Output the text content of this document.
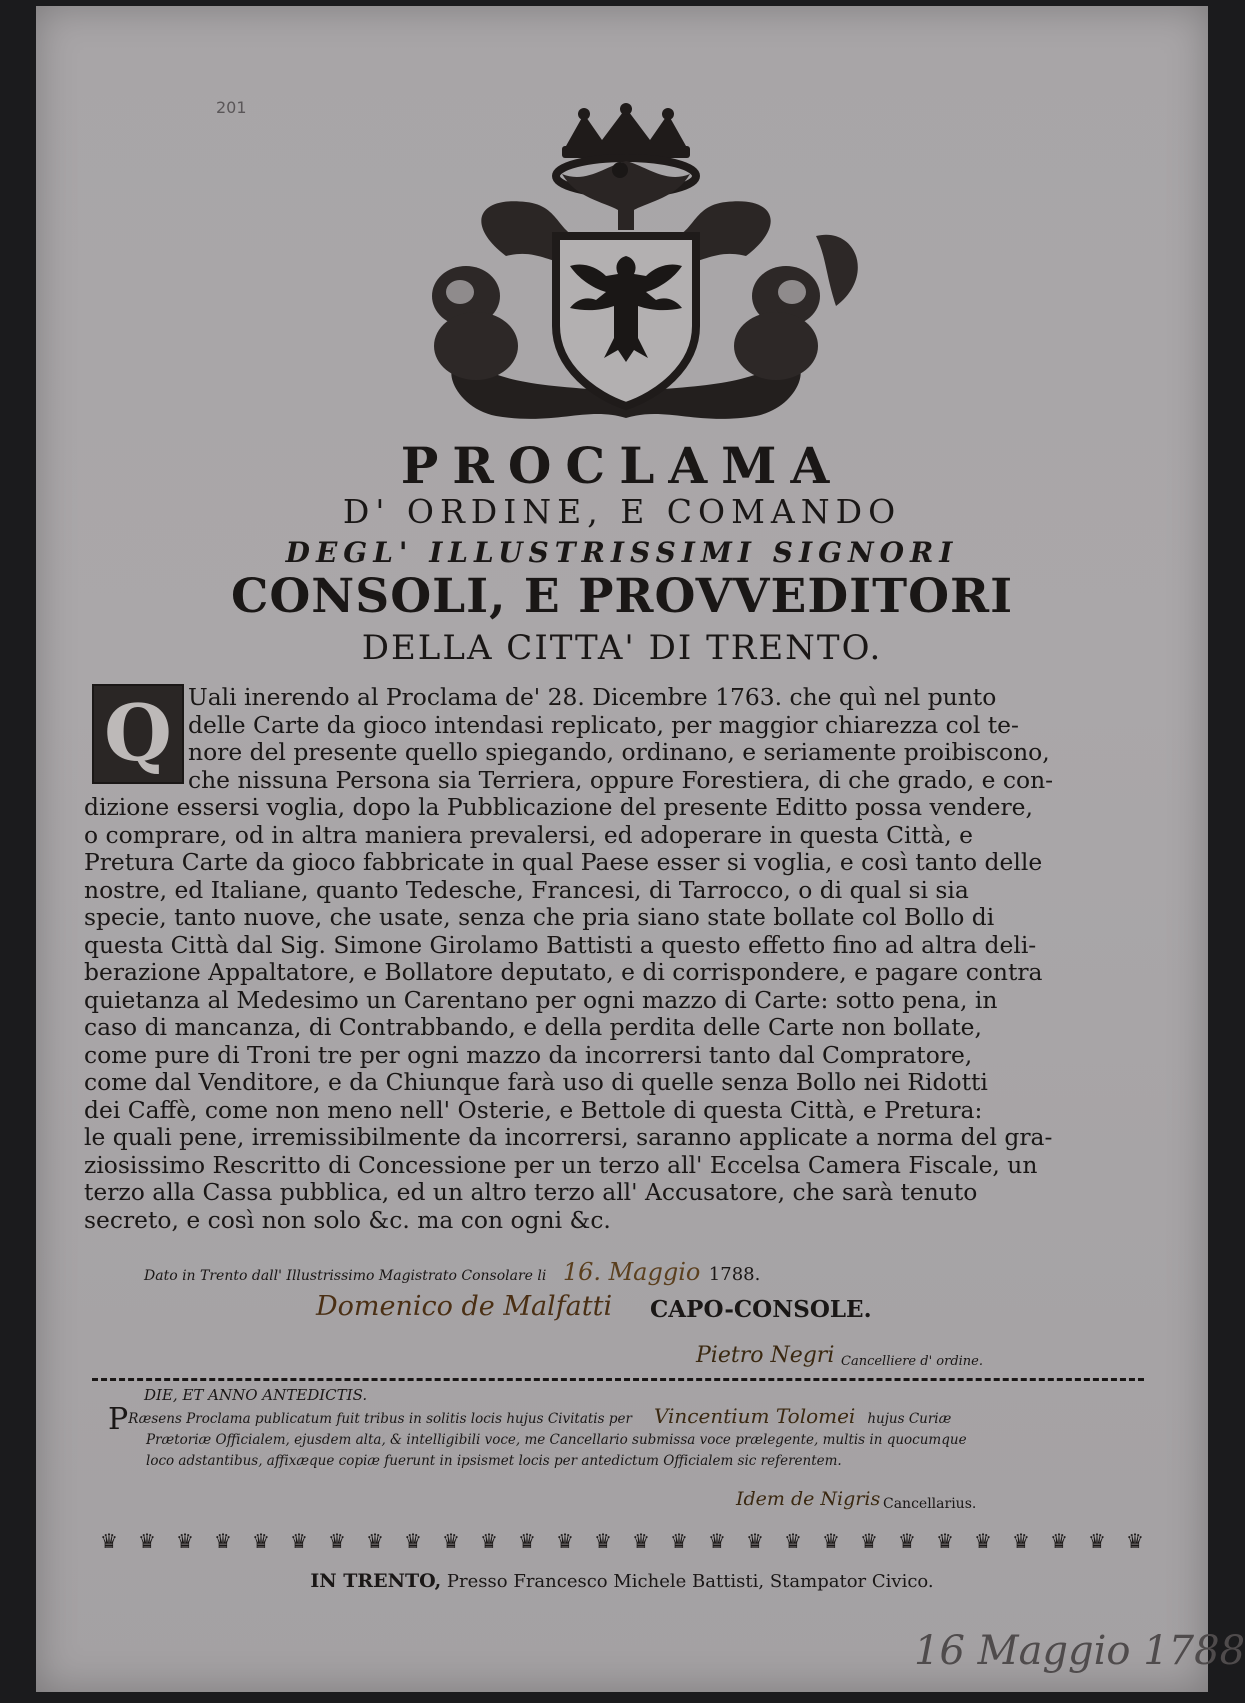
201
PROCLAMA
D' ORDINE, E COMANDO
DEGL' ILLUSTRISSIMI SIGNORI
CONSOLI, E PROVVEDITORI
DELLA CITTA' DI TRENTO.
Q Uali inerendo al Proclama de' 28. Dicembre 1763. che quì nel punto
delle Carte da gioco intendasi replicato, per maggior chiarezza col te-
nore del presente quello spiegando, ordinano, e seriamente proibiscono,
che nissuna Persona sia Terriera, oppure Forestiera, di che grado, e con-
dizione essersi voglia, dopo la Pubblicazione del presente Editto possa vendere,
o comprare, od in altra maniera prevalersi, ed adoperare in questa Città, e
Pretura Carte da gioco fabbricate in qual Paese esser si voglia, e così tanto delle
nostre, ed Italiane, quanto Tedesche, Francesi, di Tarrocco, o di qual si sia
specie, tanto nuove, che usate, senza che pria siano state bollate col Bollo di
questa Città dal Sig. Simone Girolamo Battisti a questo effetto fino ad altra deli-
berazione Appaltatore, e Bollatore deputato, e di corrispondere, e pagare contra
quietanza al Medesimo un Carentano per ogni mazzo di Carte: sotto pena, in
caso di mancanza, di Contrabbando, e della perdita delle Carte non bollate,
come pure di Troni tre per ogni mazzo da incorrersi tanto dal Compratore,
come dal Venditore, e da Chiunque farà uso di quelle senza Bollo nei Ridotti
dei Caffè, come non meno nell' Osterie, e Bettole di questa Città, e Pretura:
le quali pene, irremissibilmente da incorrersi, saranno applicate a norma del gra-
ziosissimo Rescritto di Concessione per un terzo all' Eccelsa Camera Fiscale, un
terzo alla Cassa pubblica, ed un altro terzo all' Accusatore, che sarà tenuto
secreto, e così non solo &c. ma con ogni &c.
Dato in Trento dall' Illustrissimo Magistrato Consolare li 16. Maggio 1788.
Domenico de Malfatti CAPO-CONSOLE.
Pietro Negri Cancelliere d' ordine.
DIE, ET ANNO ANTEDICTIS.
PRæsens Proclama publicatum fuit tribus in solitis locis hujus Civitatis per Vincentium Tolomei hujus Curiæ
Prætoriæ Officialem, ejusdem alta, & intelligibili voce, me Cancellario submissa voce prælegente, multis in quocumque
loco adstantibus, affixæque copiæ fuerunt in ipsismet locis per antedictum Officialem sic referentem.
Idem de Nigris Cancellarius.
♛ ♛ ♛ ♛ ♛ ♛ ♛ ♛ ♛ ♛ ♛ ♛ ♛ ♛ ♛ ♛ ♛ ♛ ♛ ♛ ♛ ♛ ♛ ♛ ♛ ♛ ♛ ♛
IN TRENTO, Presso Francesco Michele Battisti, Stampator Civico.
16 Maggio 1788
